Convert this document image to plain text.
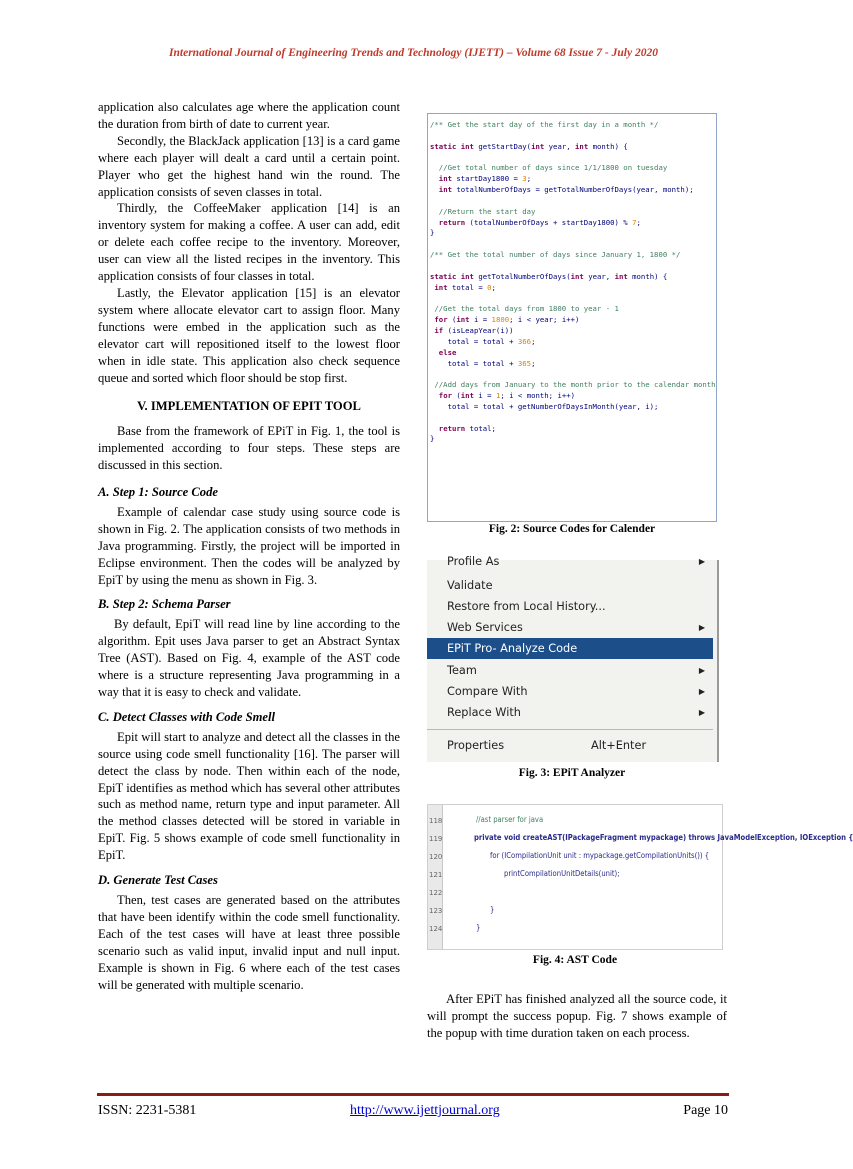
International Journal of Engineering Trends and Technology (IJETT) – Volume 68 Issue 7 - July 2020

application also calculates age where the application count the duration from birth of date to current year.

Secondly, the BlackJack application [13] is a card game where each player will dealt a card until a certain point. Player who get the highest hand win the round. The application consists of seven classes in total.

Thirdly, the CoffeeMaker application [14] is an inventory system for making a coffee. A user can add, edit or delete each coffee recipe to the inventory. Moreover, user can view all the listed recipes in the inventory. This application consists of four classes in total.

Lastly, the Elevator application [15] is an elevator system where allocate elevator cart to assign floor. Many functions were embed in the application such as the elevator cart will repositioned itself to the lowest floor when in idle state. This application also check sequence queue and sorted which floor should be stop first.

V. IMPLEMENTATION OF EPIT TOOL

Base from the framework of EPiT in Fig. 1, the tool is implemented according to four steps. These steps are discussed in this section.

A. Step 1: Source Code

Example of calendar case study using source code is shown in Fig. 2. The application consists of two methods in Java programming. Firstly, the project will be imported in Eclipse environment. Then the codes will be analyzed by EpiT by using the menu as shown in Fig. 3.

B. Step 2: Schema Parser

By default, EpiT will read line by line according to the algorithm. Epit uses Java parser to get an Abstract Syntax Tree (AST). Based on Fig. 4, example of the AST code where is a structure representing Java programming in a way that it is easy to check and validate.

C. Detect Classes with Code Smell

Epit will start to analyze and detect all the classes in the source using code smell functionality [16]. The parser will detect the class by node. Then within each of the node, EpiT identifies as method which has several other attributes such as method name, return type and input parameter. All the method classes detected will be stored in variable in EpiT. Fig. 5 shows example of code smell functionality in EpiT.

D. Generate Test Cases

Then, test cases are generated based on the attributes that have been identify within the code smell functionality. Each of the test cases will have at least three possible scenario such as valid input, invalid input and null input. Example is shown in Fig. 6 where each of the test cases will be generated with multiple scenario.

/** Get the start day of the first day in a month */

static int getStartDay(int year, int month) {

//Get total number of days since 1/1/1800 on tuesday
int startDay1800 = 3;
int totalNumberOfDays = getTotalNumberOfDays(year, month);

//Return the start day
return (totalNumberOfDays + startDay1800) % 7;
}

/** Get the total number of days since January 1, 1800 */

static int getTotalNumberOfDays(int year, int month) {
int total = 0;

//Get the total days from 1800 to year - 1
for (int i = 1800; i < year; i++)
if (isLeapYear(i))
total = total + 366;
else
total = total + 365;

//Add days from January to the month prior to the calendar month
for (int i = 1; i < month; i++)
total = total + getNumberOfDaysInMonth(year, i);

return total;
}
Fig. 2: Source Codes for Calender
Profile As	▶
Validate
Restore from Local History...
Web Services	▶
EPiT Pro- Analyze Code
Team	▶
Compare With	▶
Replace With	▶
Properties	Alt+Enter
Fig. 3: EPiT Analyzer
118
119
120
121
122
123
124
//ast parser for java
private void createAST(IPackageFragment mypackage) throws JavaModelException, IOException {
for (ICompilationUnit unit : mypackage.getCompilationUnits()) {
printCompilationUnitDetails(unit);
}
}
Fig. 4: AST Code

After EPiT has finished analyzed all the source code, it will prompt the success popup. Fig. 7 shows example of the popup with time duration taken on each process.

ISSN: 2231-5381	http://www.ijettjournal.org	Page 10
